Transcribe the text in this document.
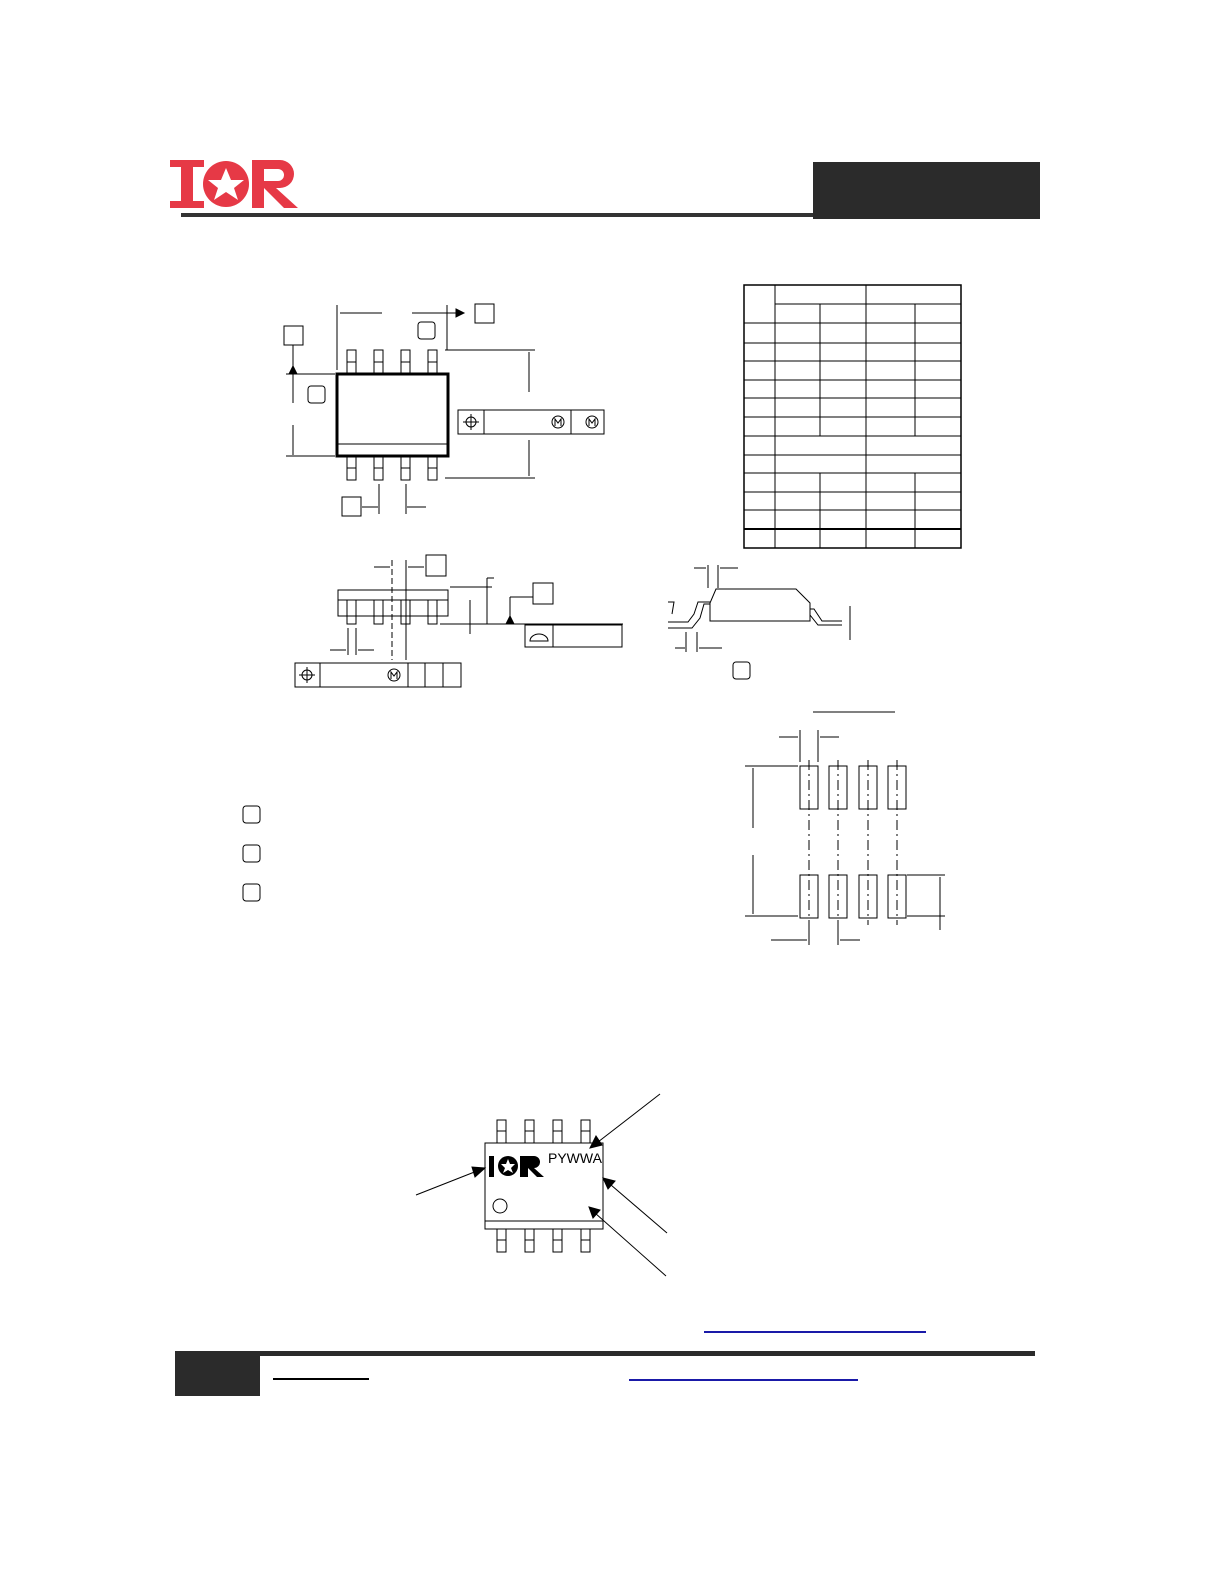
IOR
PYWWA
